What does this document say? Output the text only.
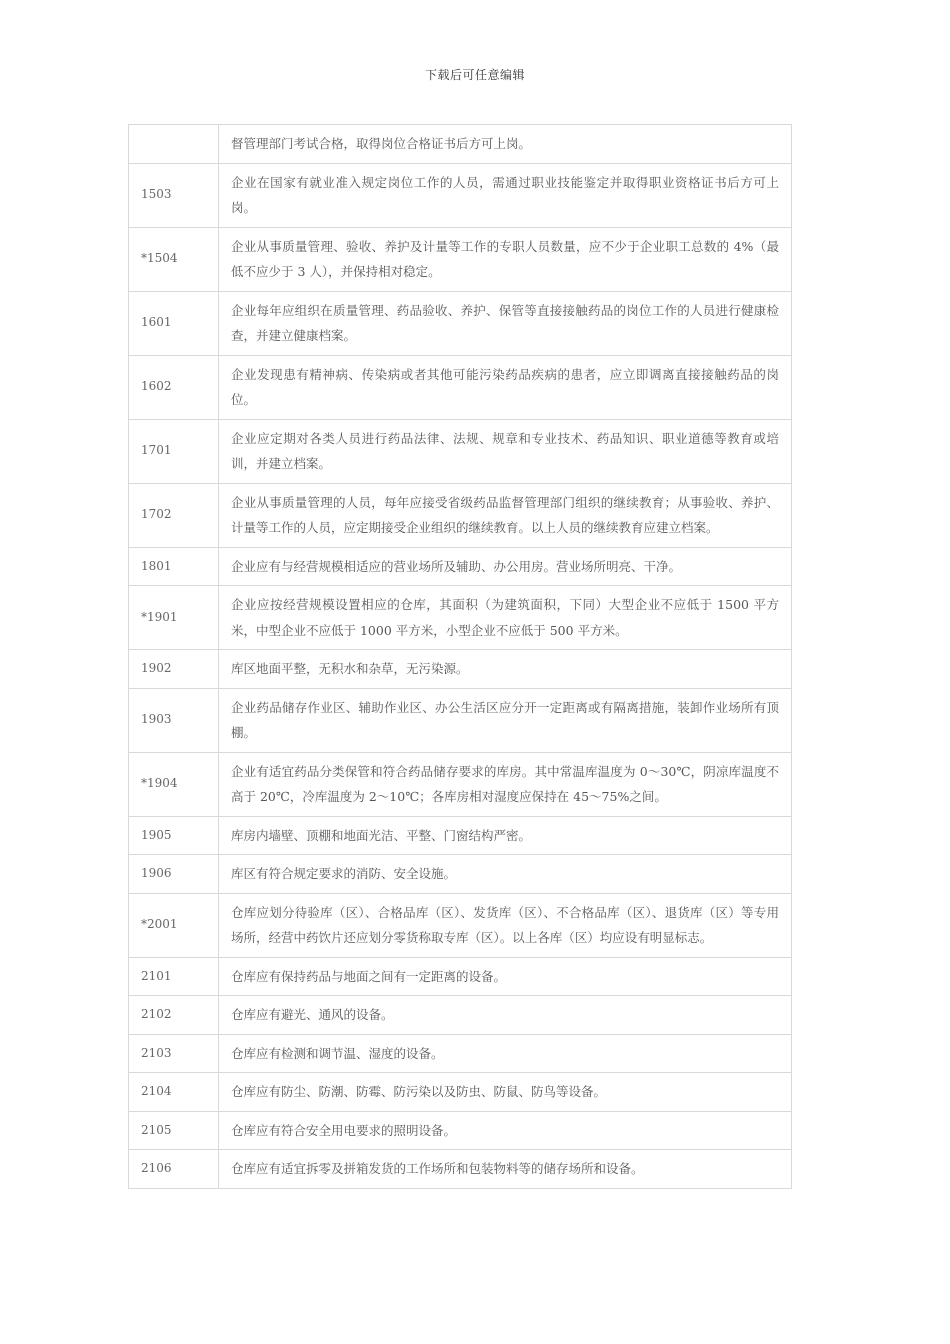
下载后可任意编辑
	督管理部门考试合格，取得岗位合格证书后方可上岗。
1503	企业在国家有就业准入规定岗位工作的人员，需通过职业技能鉴定并取得职业资格证书后方可上岗。
*1504	企业从事质量管理、验收、养护及计量等工作的专职人员数量，应不少于企业职工总数的 4%（最低不应少于 3 人），并保持相对稳定。
1601	企业每年应组织在质量管理、药品验收、养护、保管等直接接触药品的岗位工作的人员进行健康检查，并建立健康档案。
1602	企业发现患有精神病、传染病或者其他可能污染药品疾病的患者，应立即调离直接接触药品的岗位。
1701	企业应定期对各类人员进行药品法律、法规、规章和专业技术、药品知识、职业道德等教育或培训，并建立档案。
1702	企业从事质量管理的人员，每年应接受省级药品监督管理部门组织的继续教育；从事验收、养护、计量等工作的人员，应定期接受企业组织的继续教育。以上人员的继续教育应建立档案。
1801	企业应有与经营规模相适应的营业场所及辅助、办公用房。营业场所明亮、干净。
*1901	企业应按经营规模设置相应的仓库，其面积（为建筑面积，下同）大型企业不应低于 1500 平方米，中型企业不应低于 1000 平方米，小型企业不应低于 500 平方米。
1902	库区地面平整，无积水和杂草，无污染源。
1903	企业药品储存作业区、辅助作业区、办公生活区应分开一定距离或有隔离措施，装卸作业场所有顶棚。
*1904	企业有适宜药品分类保管和符合药品储存要求的库房。其中常温库温度为 0～30℃，阴凉库温度不高于 20℃，冷库温度为 2～10℃；各库房相对湿度应保持在 45～75%之间。
1905	库房内墙壁、顶棚和地面光洁、平整、门窗结构严密。
1906	库区有符合规定要求的消防、安全设施。
*2001	仓库应划分待验库（区）、合格品库（区）、发货库（区）、不合格品库（区）、退货库（区）等专用场所，经营中药饮片还应划分零货称取专库（区）。以上各库（区）均应设有明显标志。
2101	仓库应有保持药品与地面之间有一定距离的设备。
2102	仓库应有避光、通风的设备。
2103	仓库应有检测和调节温、湿度的设备。
2104	仓库应有防尘、防潮、防霉、防污染以及防虫、防鼠、防鸟等设备。
2105	仓库应有符合安全用电要求的照明设备。
2106	仓库应有适宜拆零及拼箱发货的工作场所和包装物料等的储存场所和设备。
